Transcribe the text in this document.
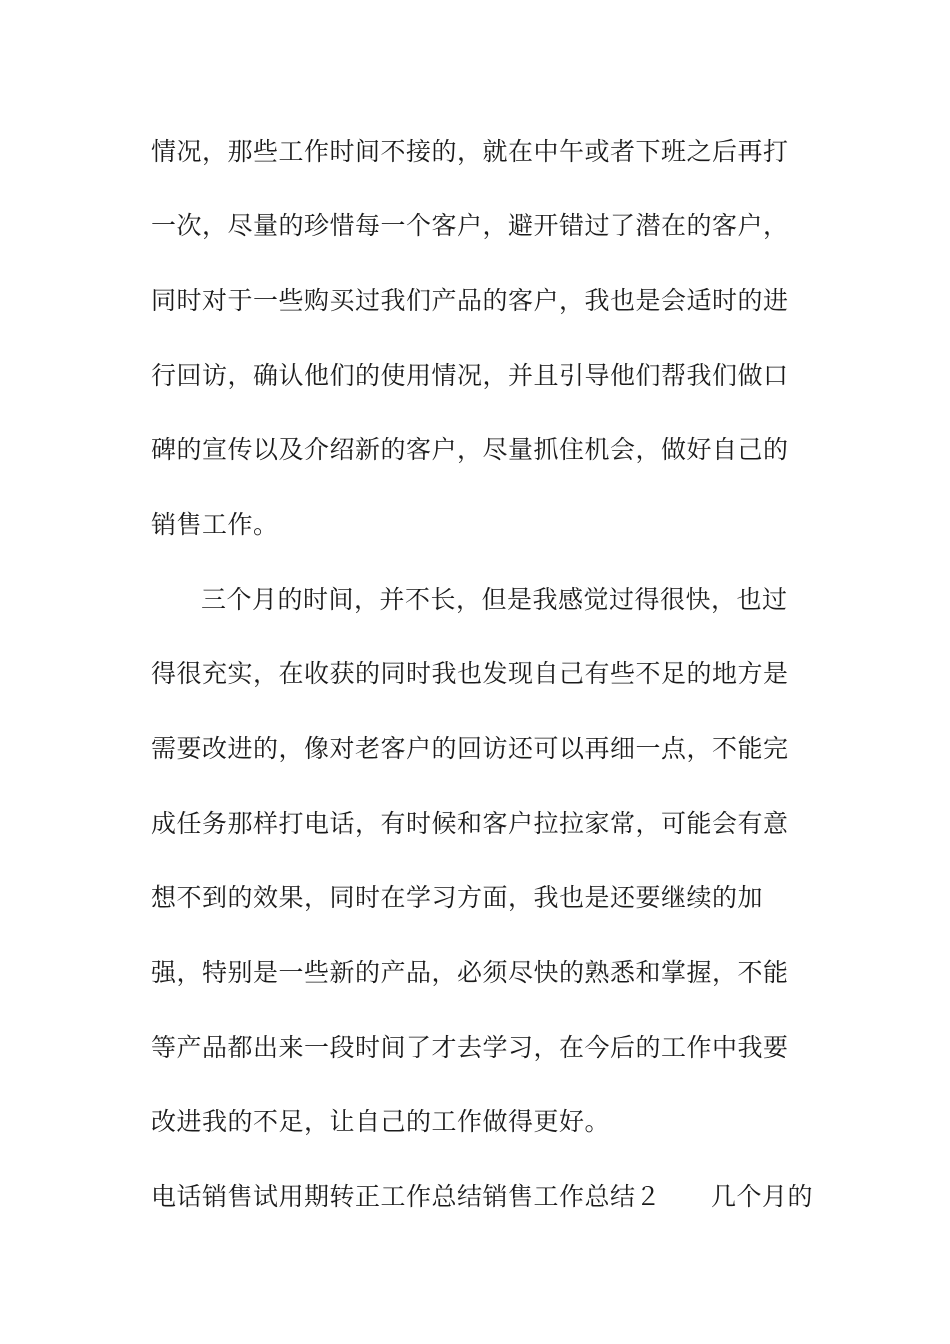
情况，那些工作时间不接的，就在中午或者下班之后再打

一次，尽量的珍惜每一个客户，避开错过了潜在的客户，

同时对于一些购买过我们产品的客户，我也是会适时的进

行回访，确认他们的使用情况，并且引导他们帮我们做口

碑的宣传以及介绍新的客户，尽量抓住机会，做好自己的

销售工作。

三个月的时间，并不长，但是我感觉过得很快，也过

得很充实，在收获的同时我也发现自己有些不足的地方是

需要改进的，像对老客户的回访还可以再细一点，不能完

成任务那样打电话，有时候和客户拉拉家常，可能会有意

想不到的效果，同时在学习方面，我也是还要继续的加

强，特别是一些新的产品，必须尽快的熟悉和掌握，不能

等产品都出来一段时间了才去学习，在今后的工作中我要

改进我的不足，让自己的工作做得更好。

电话销售试用期转正工作总结销售工作总结２ 几个月的
